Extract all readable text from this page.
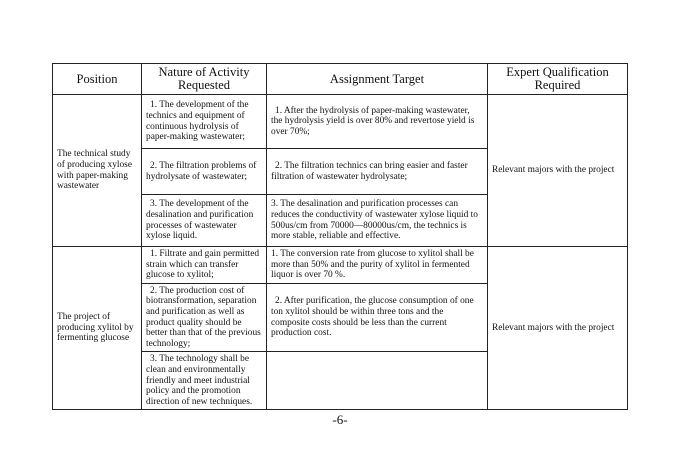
Position	Nature of Activity Requested	Assignment Target	Expert Qualification Required
The technical study of producing xylose with paper-making wastewater	1. The development of the technics and equipment of continuous hydrolysis of paper-making wastewater;	1. After the hydrolysis of paper-making wastewater, the hydrolysis yield is over 80% and revertose yield is over 70%;	Relevant majors with the project
	2. The filtration problems of hydrolysate of wastewater;	2. The filtration technics can bring easier and faster filtration of wastewater hydrolysate;	
	3. The development of the desalination and purification processes of wastewater xylose liquid.	3. The desalination and purification processes can reduces the conductivity of wastewater xylose liquid to 500us/cm from 70000—80000us/cm, the technics is more stable, reliable and effective.	
The project of producing xylitol by fermenting glucose	1. Filtrate and gain permitted strain which can transfer glucose to xylitol;	1. The conversion rate from glucose to xylitol shall be more than 50% and the purity of xylitol in fermented liquor is over 70 %.	Relevant majors with the project
	2. The production cost of biotransformation, separation and purification as well as product quality should be better than that of the previous technology;	2. After purification, the glucose consumption of one ton xylitol should be within three tons and the composite costs should be less than the current production cost.	
	3. The technology shall be clean and environmentally friendly and meet industrial policy and the promotion direction of new techniques.		
-6-
